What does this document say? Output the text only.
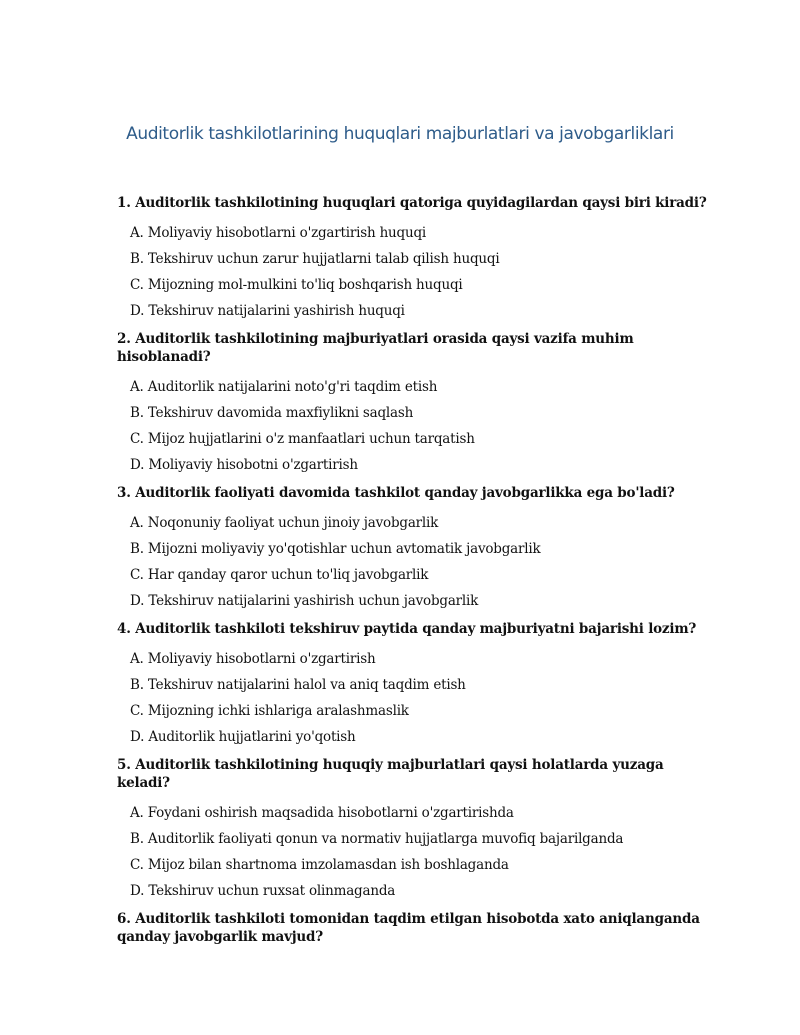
Auditorlik tashkilotlarining huquqlari majburlatlari va javobgarliklari

1. Auditorlik tashkilotining huquqlari qatoriga quyidagilardan qaysi biri kiradi?

A. Moliyaviy hisobotlarni o'zgartirish huquqi

B. Tekshiruv uchun zarur hujjatlarni talab qilish huquqi

C. Mijozning mol-mulkini to'liq boshqarish huquqi

D. Tekshiruv natijalarini yashirish huquqi

2. Auditorlik tashkilotining majburiyatlari orasida qaysi vazifa muhim hisoblanadi?

A. Auditorlik natijalarini noto'g'ri taqdim etish

B. Tekshiruv davomida maxfiylikni saqlash

C. Mijoz hujjatlarini o'z manfaatlari uchun tarqatish

D. Moliyaviy hisobotni o'zgartirish

3. Auditorlik faoliyati davomida tashkilot qanday javobgarlikka ega bo'ladi?

A. Noqonuniy faoliyat uchun jinoiy javobgarlik

B. Mijozni moliyaviy yo'qotishlar uchun avtomatik javobgarlik

C. Har qanday qaror uchun to'liq javobgarlik

D. Tekshiruv natijalarini yashirish uchun javobgarlik

4. Auditorlik tashkiloti tekshiruv paytida qanday majburiyatni bajarishi lozim?

A. Moliyaviy hisobotlarni o'zgartirish

B. Tekshiruv natijalarini halol va aniq taqdim etish

C. Mijozning ichki ishlariga aralashmaslik

D. Auditorlik hujjatlarini yo'qotish

5. Auditorlik tashkilotining huquqiy majburlatlari qaysi holatlarda yuzaga keladi?

A. Foydani oshirish maqsadida hisobotlarni o'zgartirishda

B. Auditorlik faoliyati qonun va normativ hujjatlarga muvofiq bajarilganda

C. Mijoz bilan shartnoma imzolamasdan ish boshlaganda

D. Tekshiruv uchun ruxsat olinmaganda

6. Auditorlik tashkiloti tomonidan taqdim etilgan hisobotda xato aniqlanganda qanday javobgarlik mavjud?
